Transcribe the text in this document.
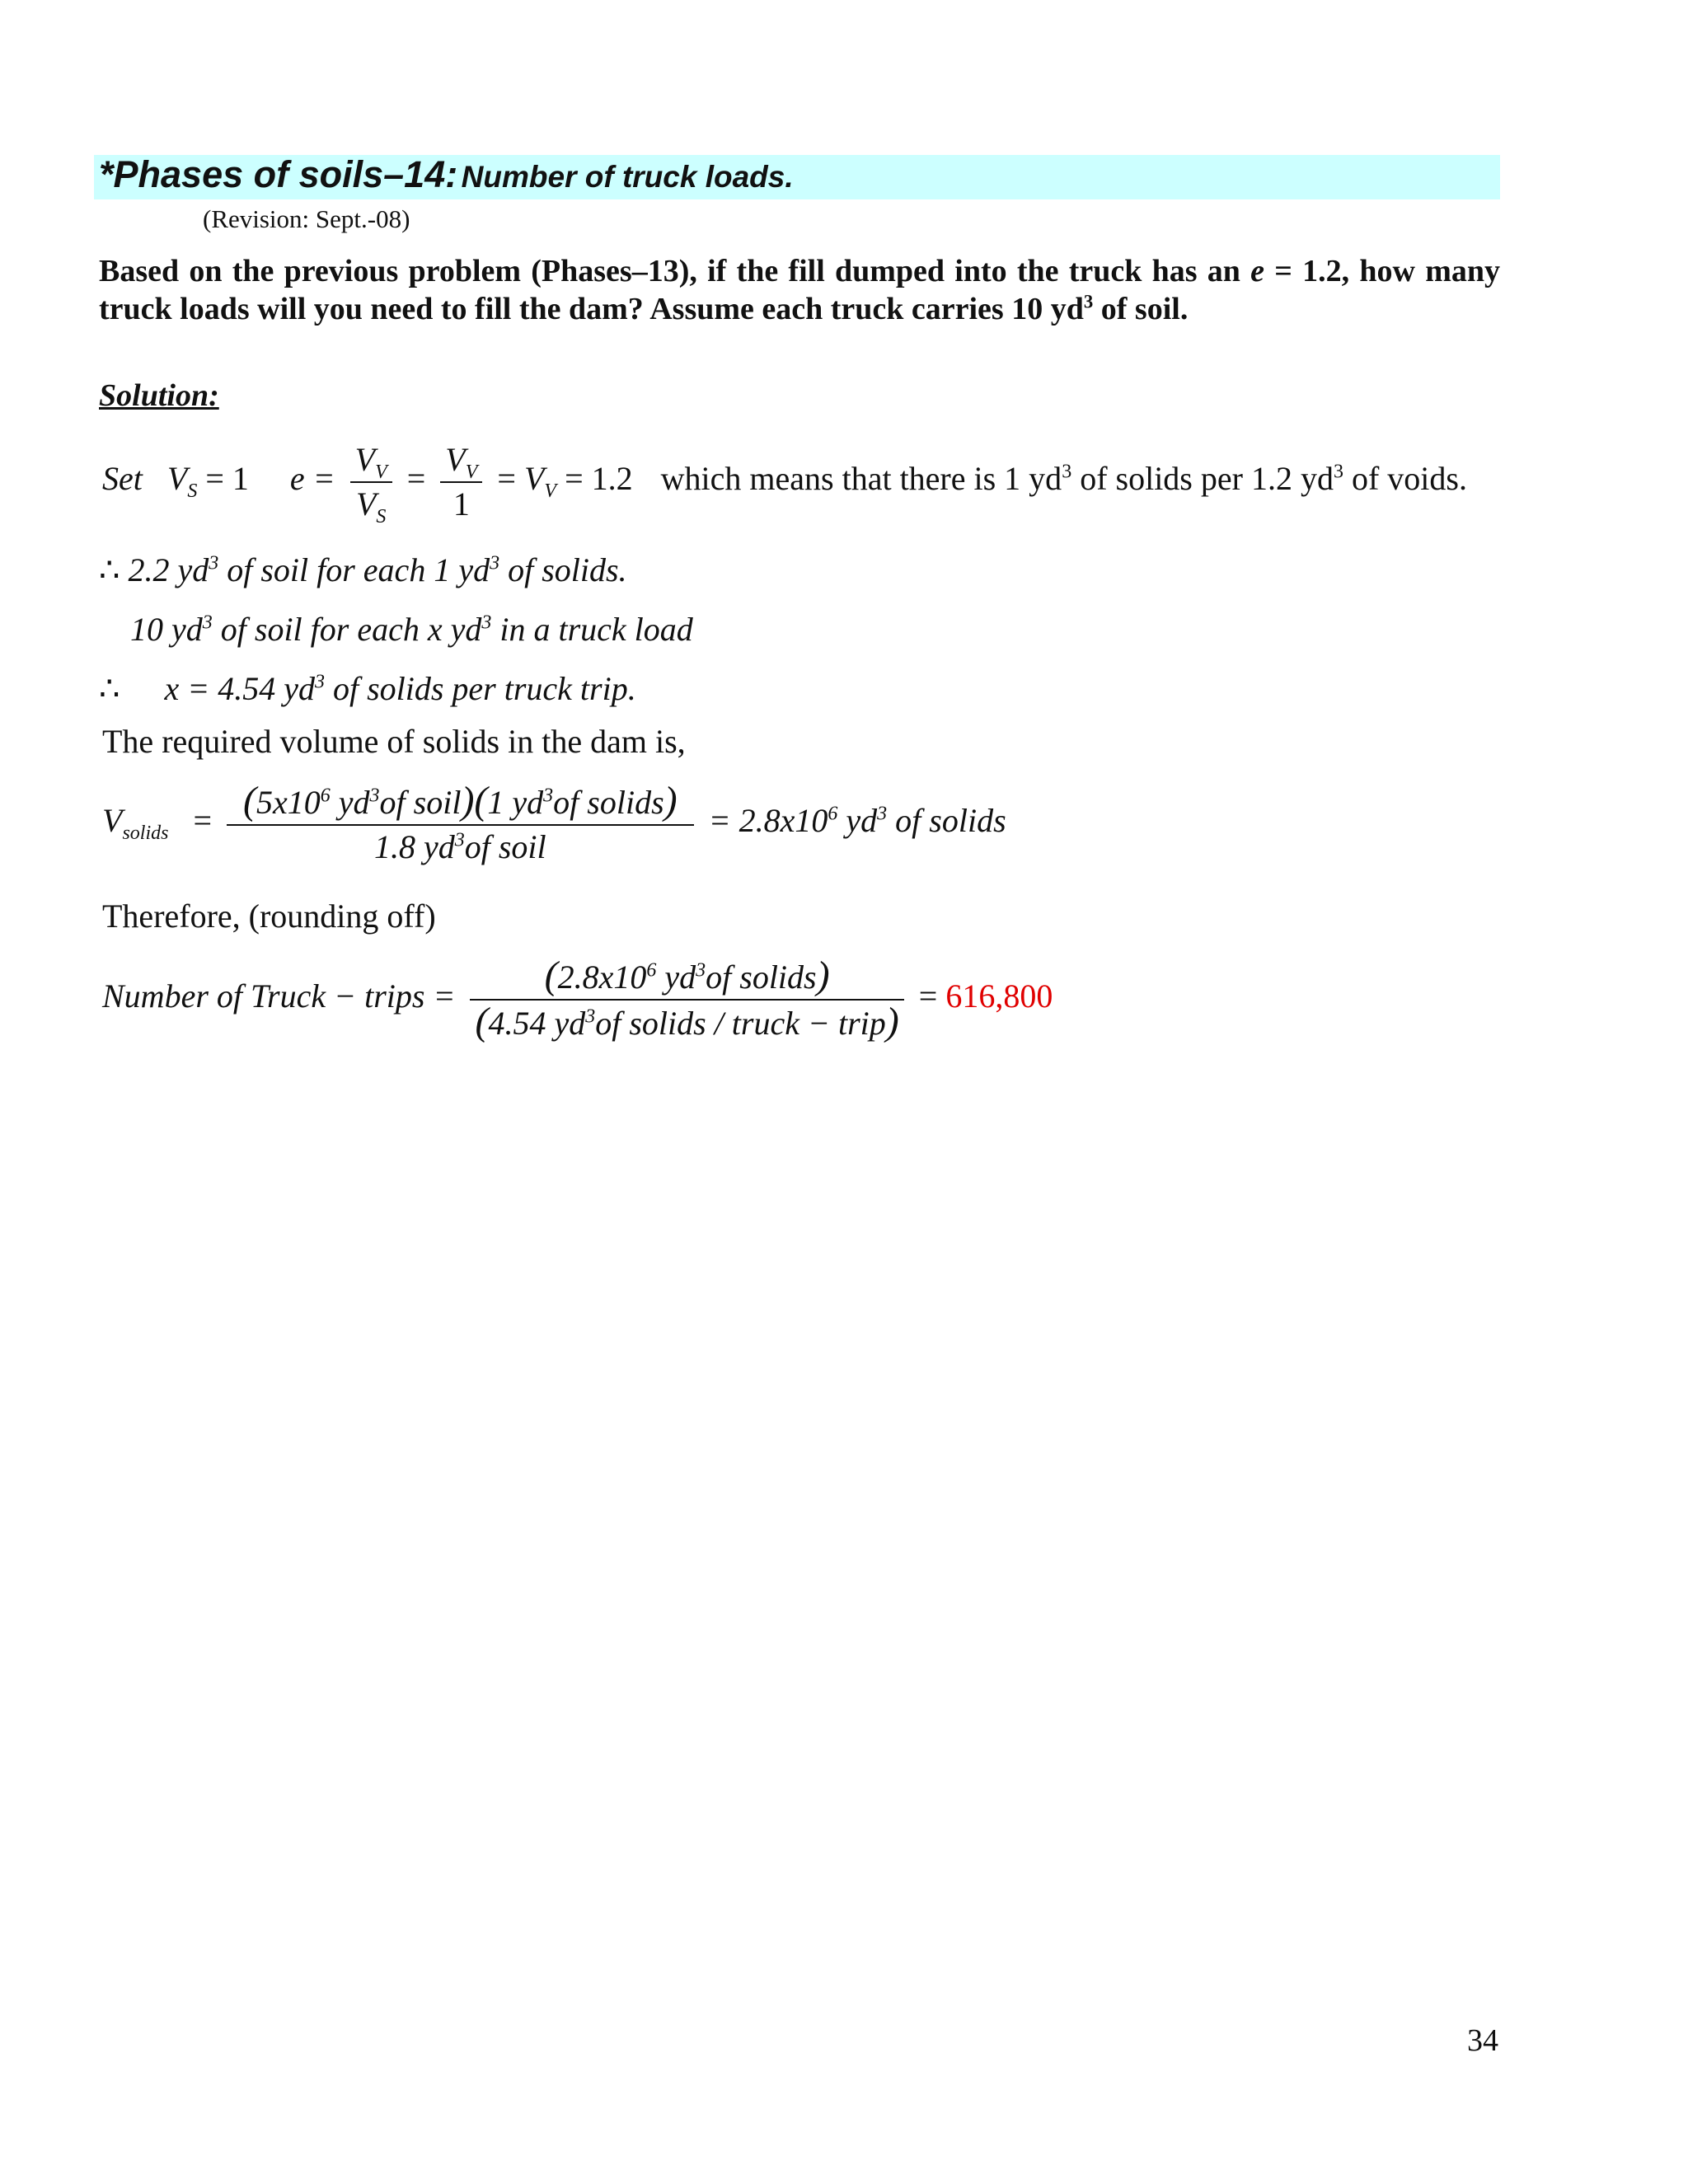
*Phases of soils–14: Number of truck loads.
(Revision: Sept.-08)
Based on the previous problem (Phases–13), if the fill dumped into the truck has an e = 1.2, how many truck loads will you need to fill the dam? Assume each truck carries 10 $yd^3$ of soil.
Solution:
Set $V_S = 1$ $e = \frac{V_V}{V_S} = \frac{V_V}{1} = V_V = 1.2$ which means that there is 1 $yd^3$ of solids per 1.2 $yd^3$ of voids.
∴ 2.2 $yd^3$ of soil for each 1 $yd^3$ of solids.
10 $yd^3$ of soil for each x $yd^3$ in a truck load
∴ x = 4.54 $yd^3$ of solids per truck trip.
The required volume of solids in the dam is,
$V_{solids} = \frac{(5x10^6 yd^3of soil)(1 yd^3of solids)}{1.8 yd^3of soil} = 2.8x10^6$ $yd^3$ of solids
Therefore, (rounding off)
Number of Truck − trips = $\frac{(2.8x10^6 yd^3of solids)}{(4.54 yd^3of solids / truck - trip)} = 616,800$
34
